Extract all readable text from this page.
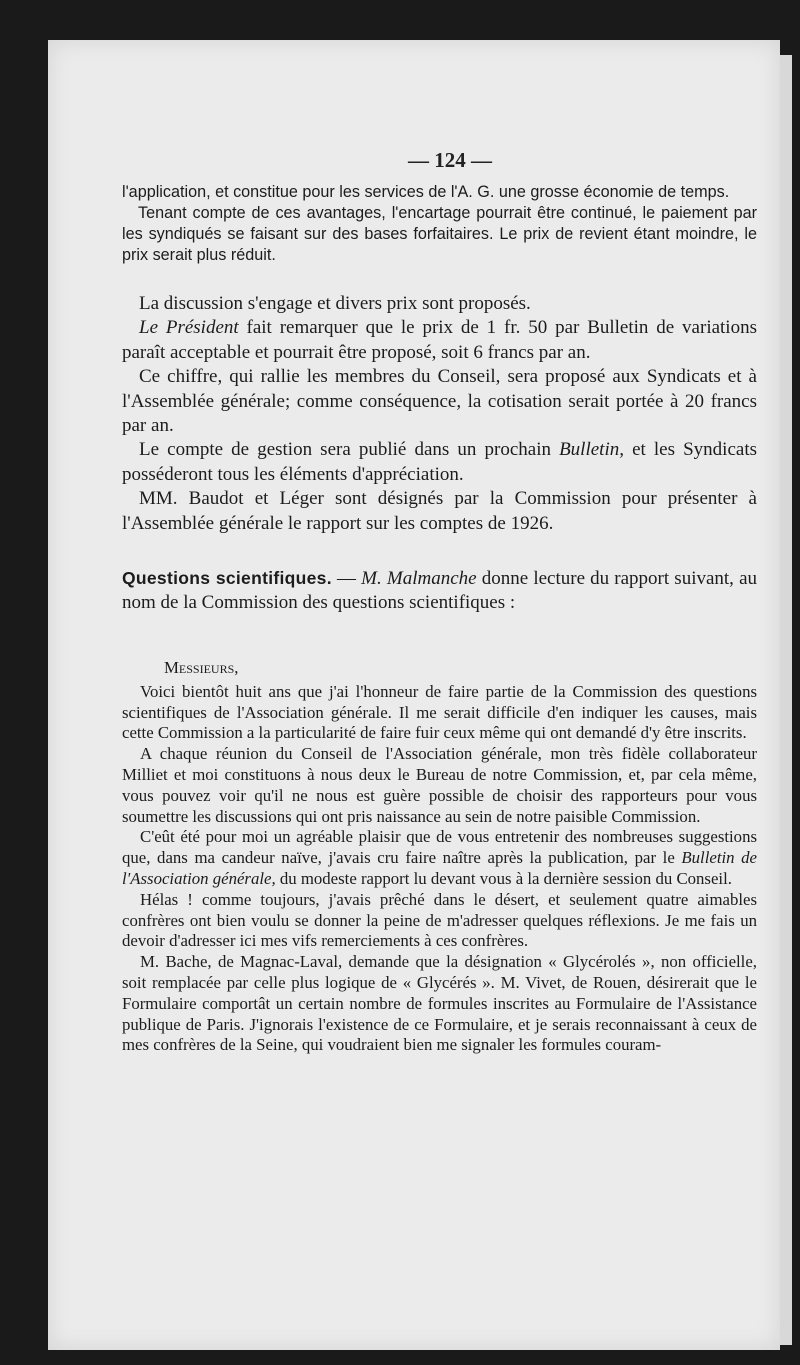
— 124 —

l'application, et constitue pour les services de l'A. G. une grosse économie de temps.

Tenant compte de ces avantages, l'encartage pourrait être continué, le paiement par les syndiqués se faisant sur des bases forfaitaires. Le prix de revient étant moindre, le prix serait plus réduit.

La discussion s'engage et divers prix sont proposés.

Le Président fait remarquer que le prix de 1 fr. 50 par Bulletin de variations paraît acceptable et pourrait être proposé, soit 6 francs par an.

Ce chiffre, qui rallie les membres du Conseil, sera proposé aux Syndicats et à l'Assemblée générale; comme conséquence, la cotisation serait portée à 20 francs par an.

Le compte de gestion sera publié dans un prochain Bulletin, et les Syndicats posséderont tous les éléments d'appréciation.

MM. Baudot et Léger sont désignés par la Commission pour présenter à l'Assemblée générale le rapport sur les comptes de 1926.

Questions scientifiques. — M. Malmanche donne lecture du rapport suivant, au nom de la Commission des questions scientifiques :

Messieurs,

Voici bientôt huit ans que j'ai l'honneur de faire partie de la Commission des questions scientifiques de l'Association générale. Il me serait difficile d'en indiquer les causes, mais cette Commission a la particularité de faire fuir ceux même qui ont demandé d'y être inscrits.

A chaque réunion du Conseil de l'Association générale, mon très fidèle collaborateur Milliet et moi constituons à nous deux le Bureau de notre Commission, et, par cela même, vous pouvez voir qu'il ne nous est guère possible de choisir des rapporteurs pour vous soumettre les discussions qui ont pris naissance au sein de notre paisible Commission.

C'eût été pour moi un agréable plaisir que de vous entretenir des nombreuses suggestions que, dans ma candeur naïve, j'avais cru faire naître après la publication, par le Bulletin de l'Association générale, du modeste rapport lu devant vous à la dernière session du Conseil.

Hélas ! comme toujours, j'avais prêché dans le désert, et seulement quatre aimables confrères ont bien voulu se donner la peine de m'adresser quelques réflexions. Je me fais un devoir d'adresser ici mes vifs remerciements à ces confrères.

M. Bache, de Magnac-Laval, demande que la désignation « Glycérolés », non officielle, soit remplacée par celle plus logique de « Glycérés ». M. Vivet, de Rouen, désirerait que le Formulaire comportât un certain nombre de formules inscrites au Formulaire de l'Assistance publique de Paris. J'ignorais l'existence de ce Formulaire, et je serais reconnaissant à ceux de mes confrères de la Seine, qui voudraient bien me signaler les formules couram-
